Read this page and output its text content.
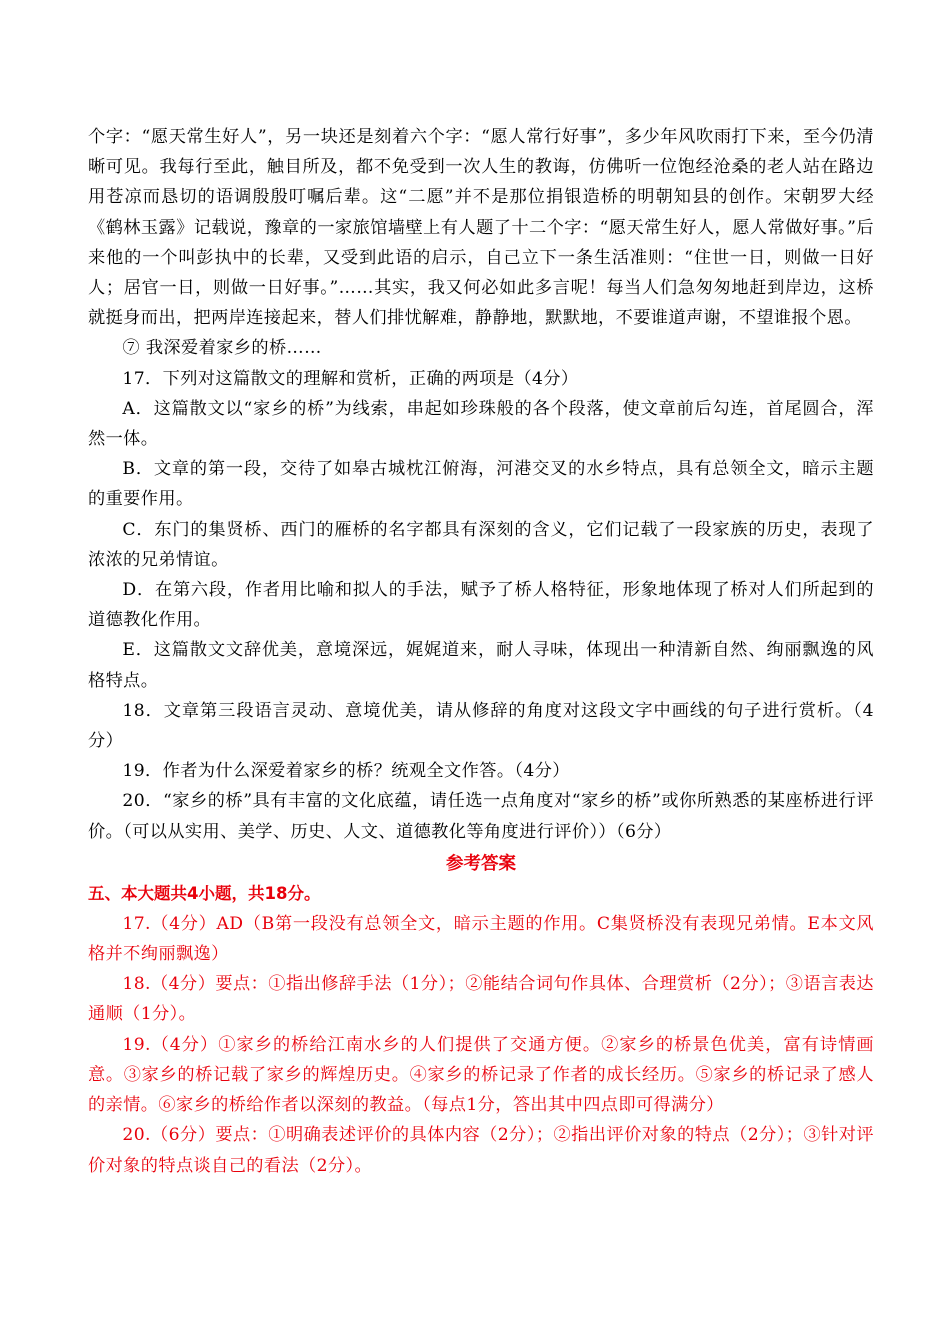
个字：“愿天常生好人”，另一块还是刻着六个字：“愿人常行好事”，多少年风吹雨打下来，至今仍清晰可见。我每行至此，触目所及，都不免受到一次人生的教诲，仿佛听一位饱经沧桑的老人站在路边用苍凉而恳切的语调殷殷叮嘱后辈。这“二愿”并不是那位捐银造桥的明朝知县的创作。宋朝罗大经《鹤林玉露》记载说，豫章的一家旅馆墙壁上有人题了十二个字：“愿天常生好人，愿人常做好事。”后来他的一个叫彭执中的长辈，又受到此语的启示，自己立下一条生活准则：“住世一日，则做一日好人；居官一日，则做一日好事。”……其实，我又何必如此多言呢！每当人们急匆匆地赶到岸边，这桥就挺身而出，把两岸连接起来，替人们排忧解难，静静地，默默地，不要谁道声谢，不望谁报个恩。

⑦ 我深爱着家乡的桥……

17．下列对这篇散文的理解和赏析，正确的两项是（4分）

A．这篇散文以“家乡的桥”为线索，串起如珍珠般的各个段落，使文章前后勾连，首尾圆合，浑然一体。

B．文章的第一段，交待了如皋古城枕江俯海，河港交叉的水乡特点，具有总领全文，暗示主题的重要作用。

C．东门的集贤桥、西门的雁桥的名字都具有深刻的含义，它们记载了一段家族的历史，表现了浓浓的兄弟情谊。

D．在第六段，作者用比喻和拟人的手法，赋予了桥人格特征，形象地体现了桥对人们所起到的道德教化作用。

E．这篇散文文辞优美，意境深远，娓娓道来，耐人寻味，体现出一种清新自然、绚丽飘逸的风格特点。

18．文章第三段语言灵动、意境优美，请从修辞的角度对这段文字中画线的句子进行赏析。（4分）

19．作者为什么深爱着家乡的桥？统观全文作答。（4分）

20．“家乡的桥”具有丰富的文化底蕴，请任选一点角度对“家乡的桥”或你所熟悉的某座桥进行评价。（可以从实用、美学、历史、人文、道德教化等角度进行评价））（6分）

参考答案

五、本大题共4小题，共18分。

17.（4分）AD（B第一段没有总领全文，暗示主题的作用。C集贤桥没有表现兄弟情。E本文风格并不绚丽飘逸）

18.（4分）要点：①指出修辞手法（1分）；②能结合词句作具体、合理赏析（2分）；③语言表达通顺（1分）。

19.（4分）①家乡的桥给江南水乡的人们提供了交通方便。②家乡的桥景色优美，富有诗情画意。③家乡的桥记载了家乡的辉煌历史。④家乡的桥记录了作者的成长经历。⑤家乡的桥记录了感人的亲情。⑥家乡的桥给作者以深刻的教益。（每点1分，答出其中四点即可得满分）

20.（6分）要点：①明确表述评价的具体内容（2分）；②指出评价对象的特点（2分）；③针对评价对象的特点谈自己的看法（2分）。
